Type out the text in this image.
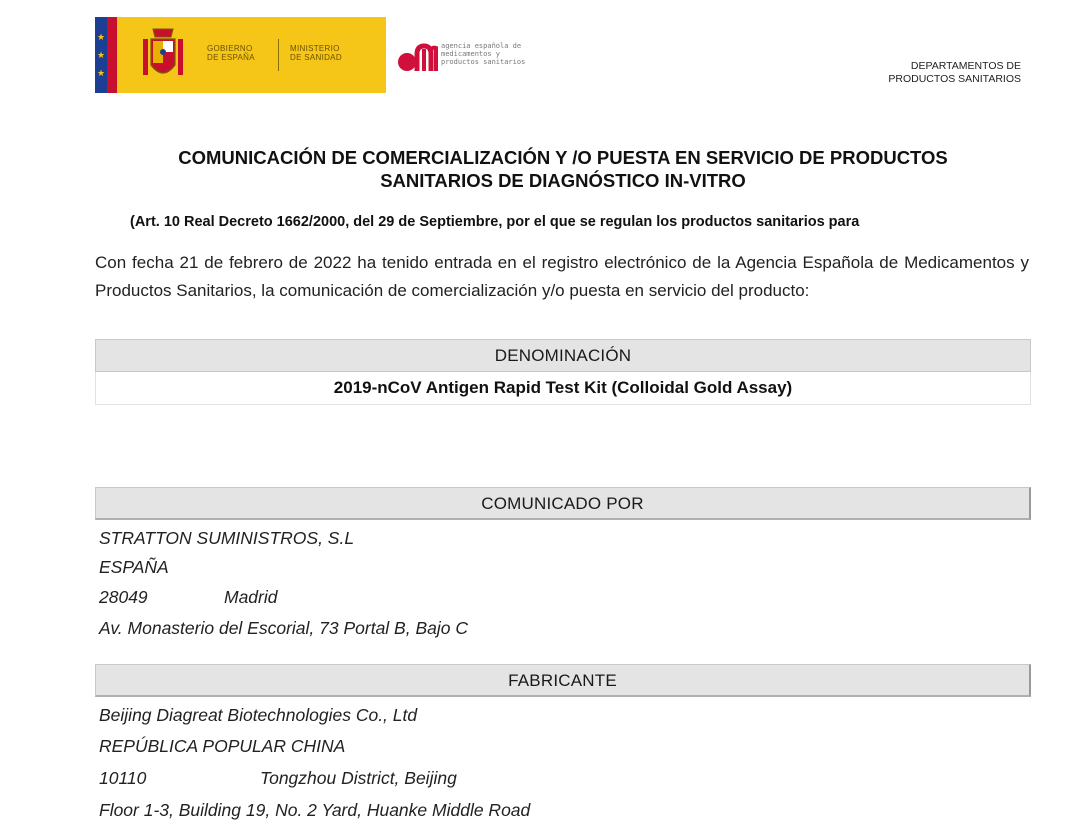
★
★
★
GOBIERNO
DE ESPAÑA
MINISTERIO
DE SANIDAD
agencia española de
medicamentos y
productos sanitarios	DEPARTAMENTOS DE
PRODUCTOS SANITARIOS
COMUNICACIÓN DE COMERCIALIZACIÓN Y /O PUESTA EN SERVICIO DE PRODUCTOS
SANITARIOS DE DIAGNÓSTICO IN-VITRO
(Art. 10 Real Decreto 1662/2000, del 29 de Septiembre, por el que se regulan los productos sanitarios para

Con fecha 21 de febrero de 2022 ha tenido entrada en el registro electrónico de la Agencia Española de Medicamentos y Productos Sanitarios, la comunicación de comercialización y/o puesta en servicio del producto:

DENOMINACIÓN
2019-nCoV Antigen Rapid Test Kit (Colloidal Gold Assay)
COMUNICADO POR
STRATTON SUMINISTROS, S.L
ESPAÑA
28049	Madrid
Av. Monasterio del Escorial, 73 Portal B, Bajo C
FABRICANTE
Beijing Diagreat Biotechnologies Co., Ltd
REPÚBLICA POPULAR CHINA
10110	Tongzhou District, Beijing
Floor 1-3, Building 19, No. 2 Yard, Huanke Middle Road
